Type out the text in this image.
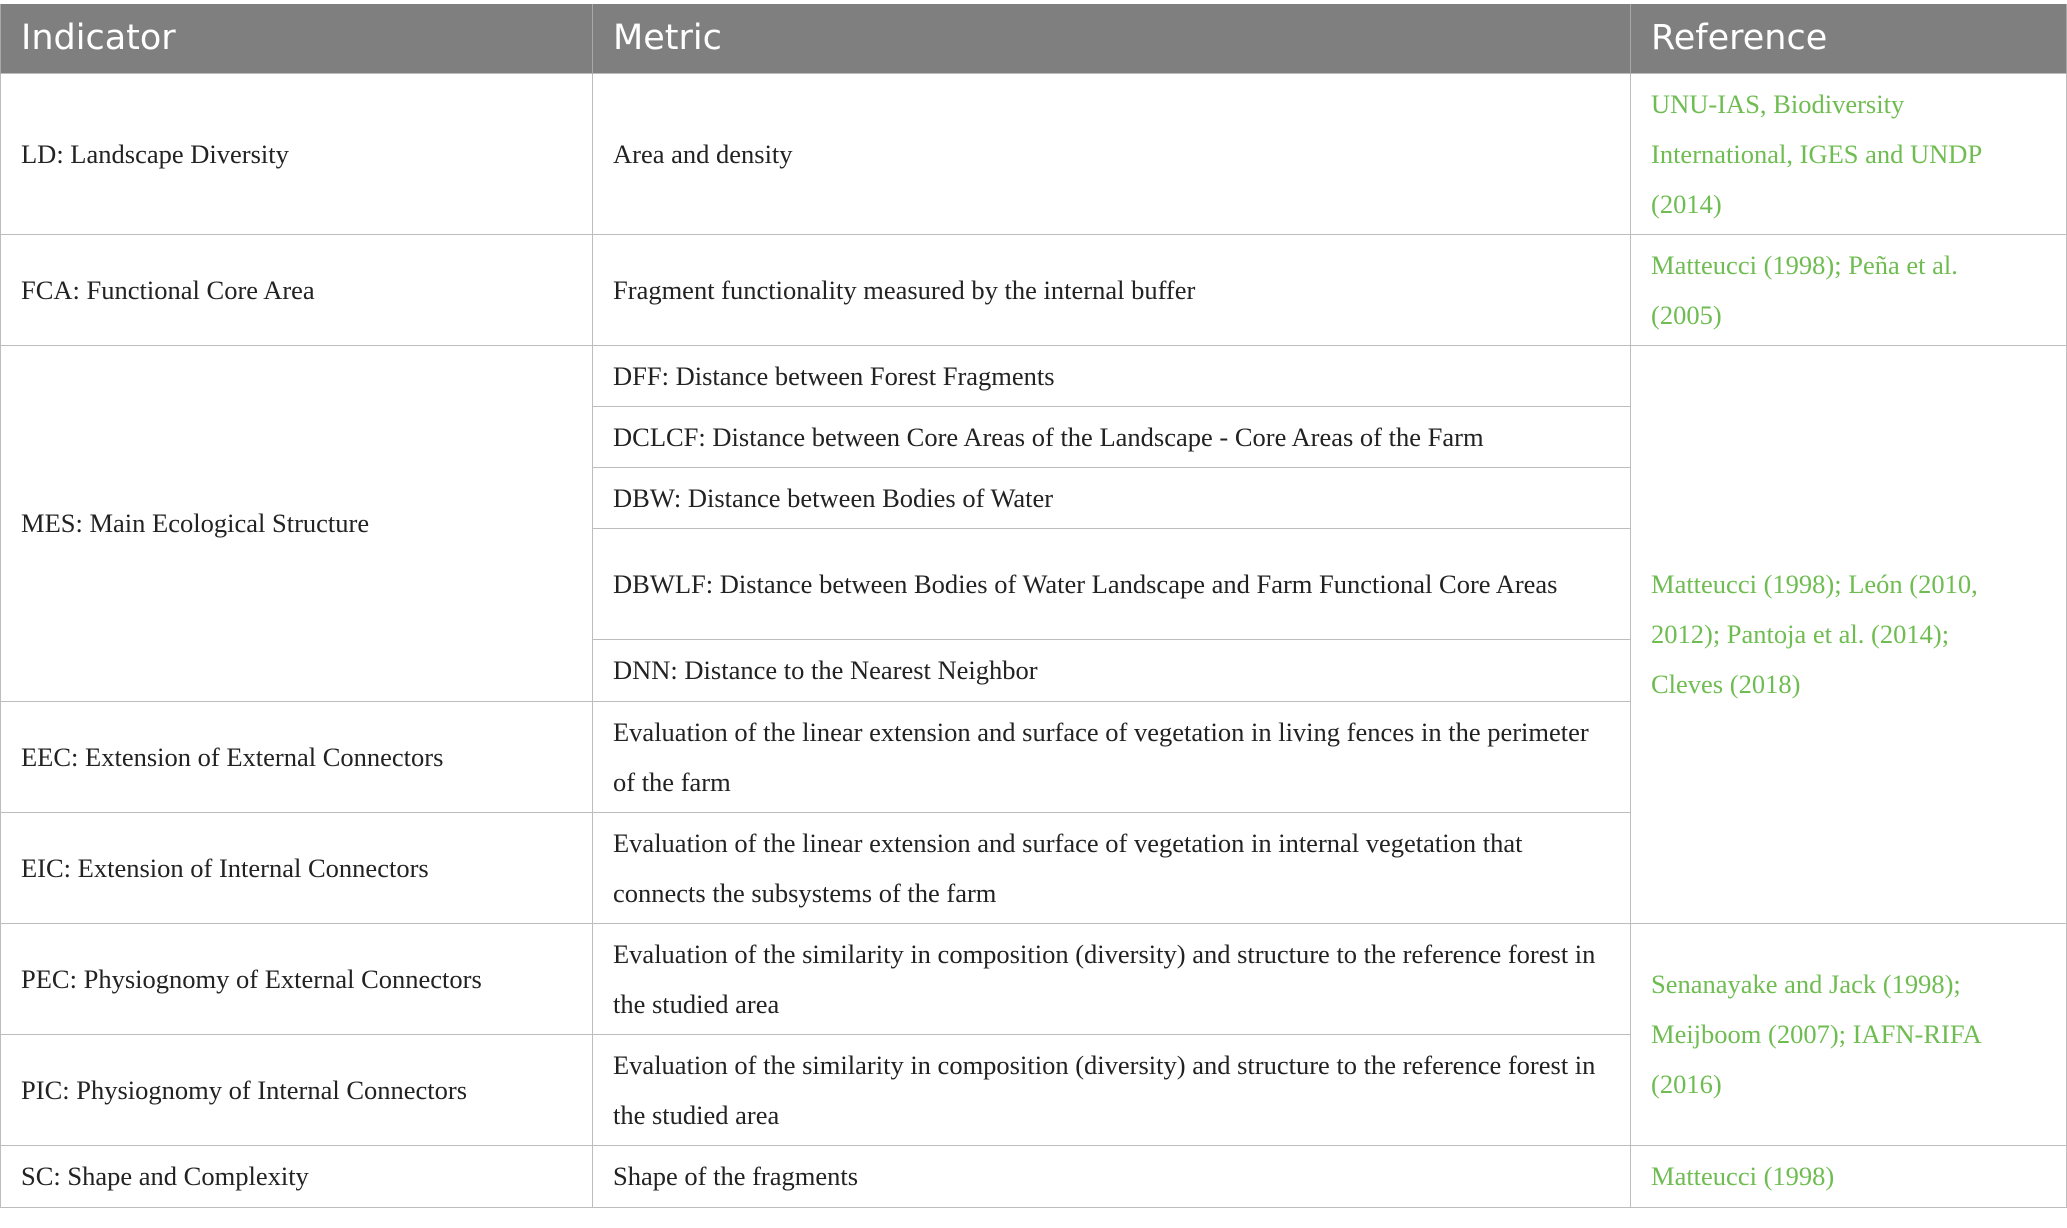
Indicator	Metric	Reference
LD: Landscape Diversity	Area and density	UNU-IAS, Biodiversity
International, IGES and UNDP
(2014)

FCA: Functional Core Area	Fragment functionality measured by the internal buffer	Matteucci (1998); Peña et al.
(2005)

MES: Main Ecological Structure	DFF: Distance between Forest Fragments	Matteucci (1998); León (2010,
2012); Pantoja et al. (2014);
Cleves (2018)

	DCLCF: Distance between Core Areas of the Landscape - Core Areas of the Farm	
	DBW: Distance between Bodies of Water	
	DBWLF: Distance between Bodies of Water Landscape and Farm Functional Core Areas	
	DNN: Distance to the Nearest Neighbor	
EEC: Extension of External Connectors	Evaluation of the linear extension and surface of vegetation in living fences in the perimeter of the farm	
EIC: Extension of Internal Connectors	Evaluation of the linear extension and surface of vegetation in internal vegetation that connects the subsystems of the farm	
PEC: Physiognomy of External Connectors	Evaluation of the similarity in composition (diversity) and structure to the reference forest in the studied area	Senanayake and Jack (1998);
Meijboom (2007); IAFN-RIFA
(2016)

PIC: Physiognomy of Internal Connectors	Evaluation of the similarity in composition (diversity) and structure to the reference forest in the studied area	
SC: Shape and Complexity	Shape of the fragments	Matteucci (1998)
